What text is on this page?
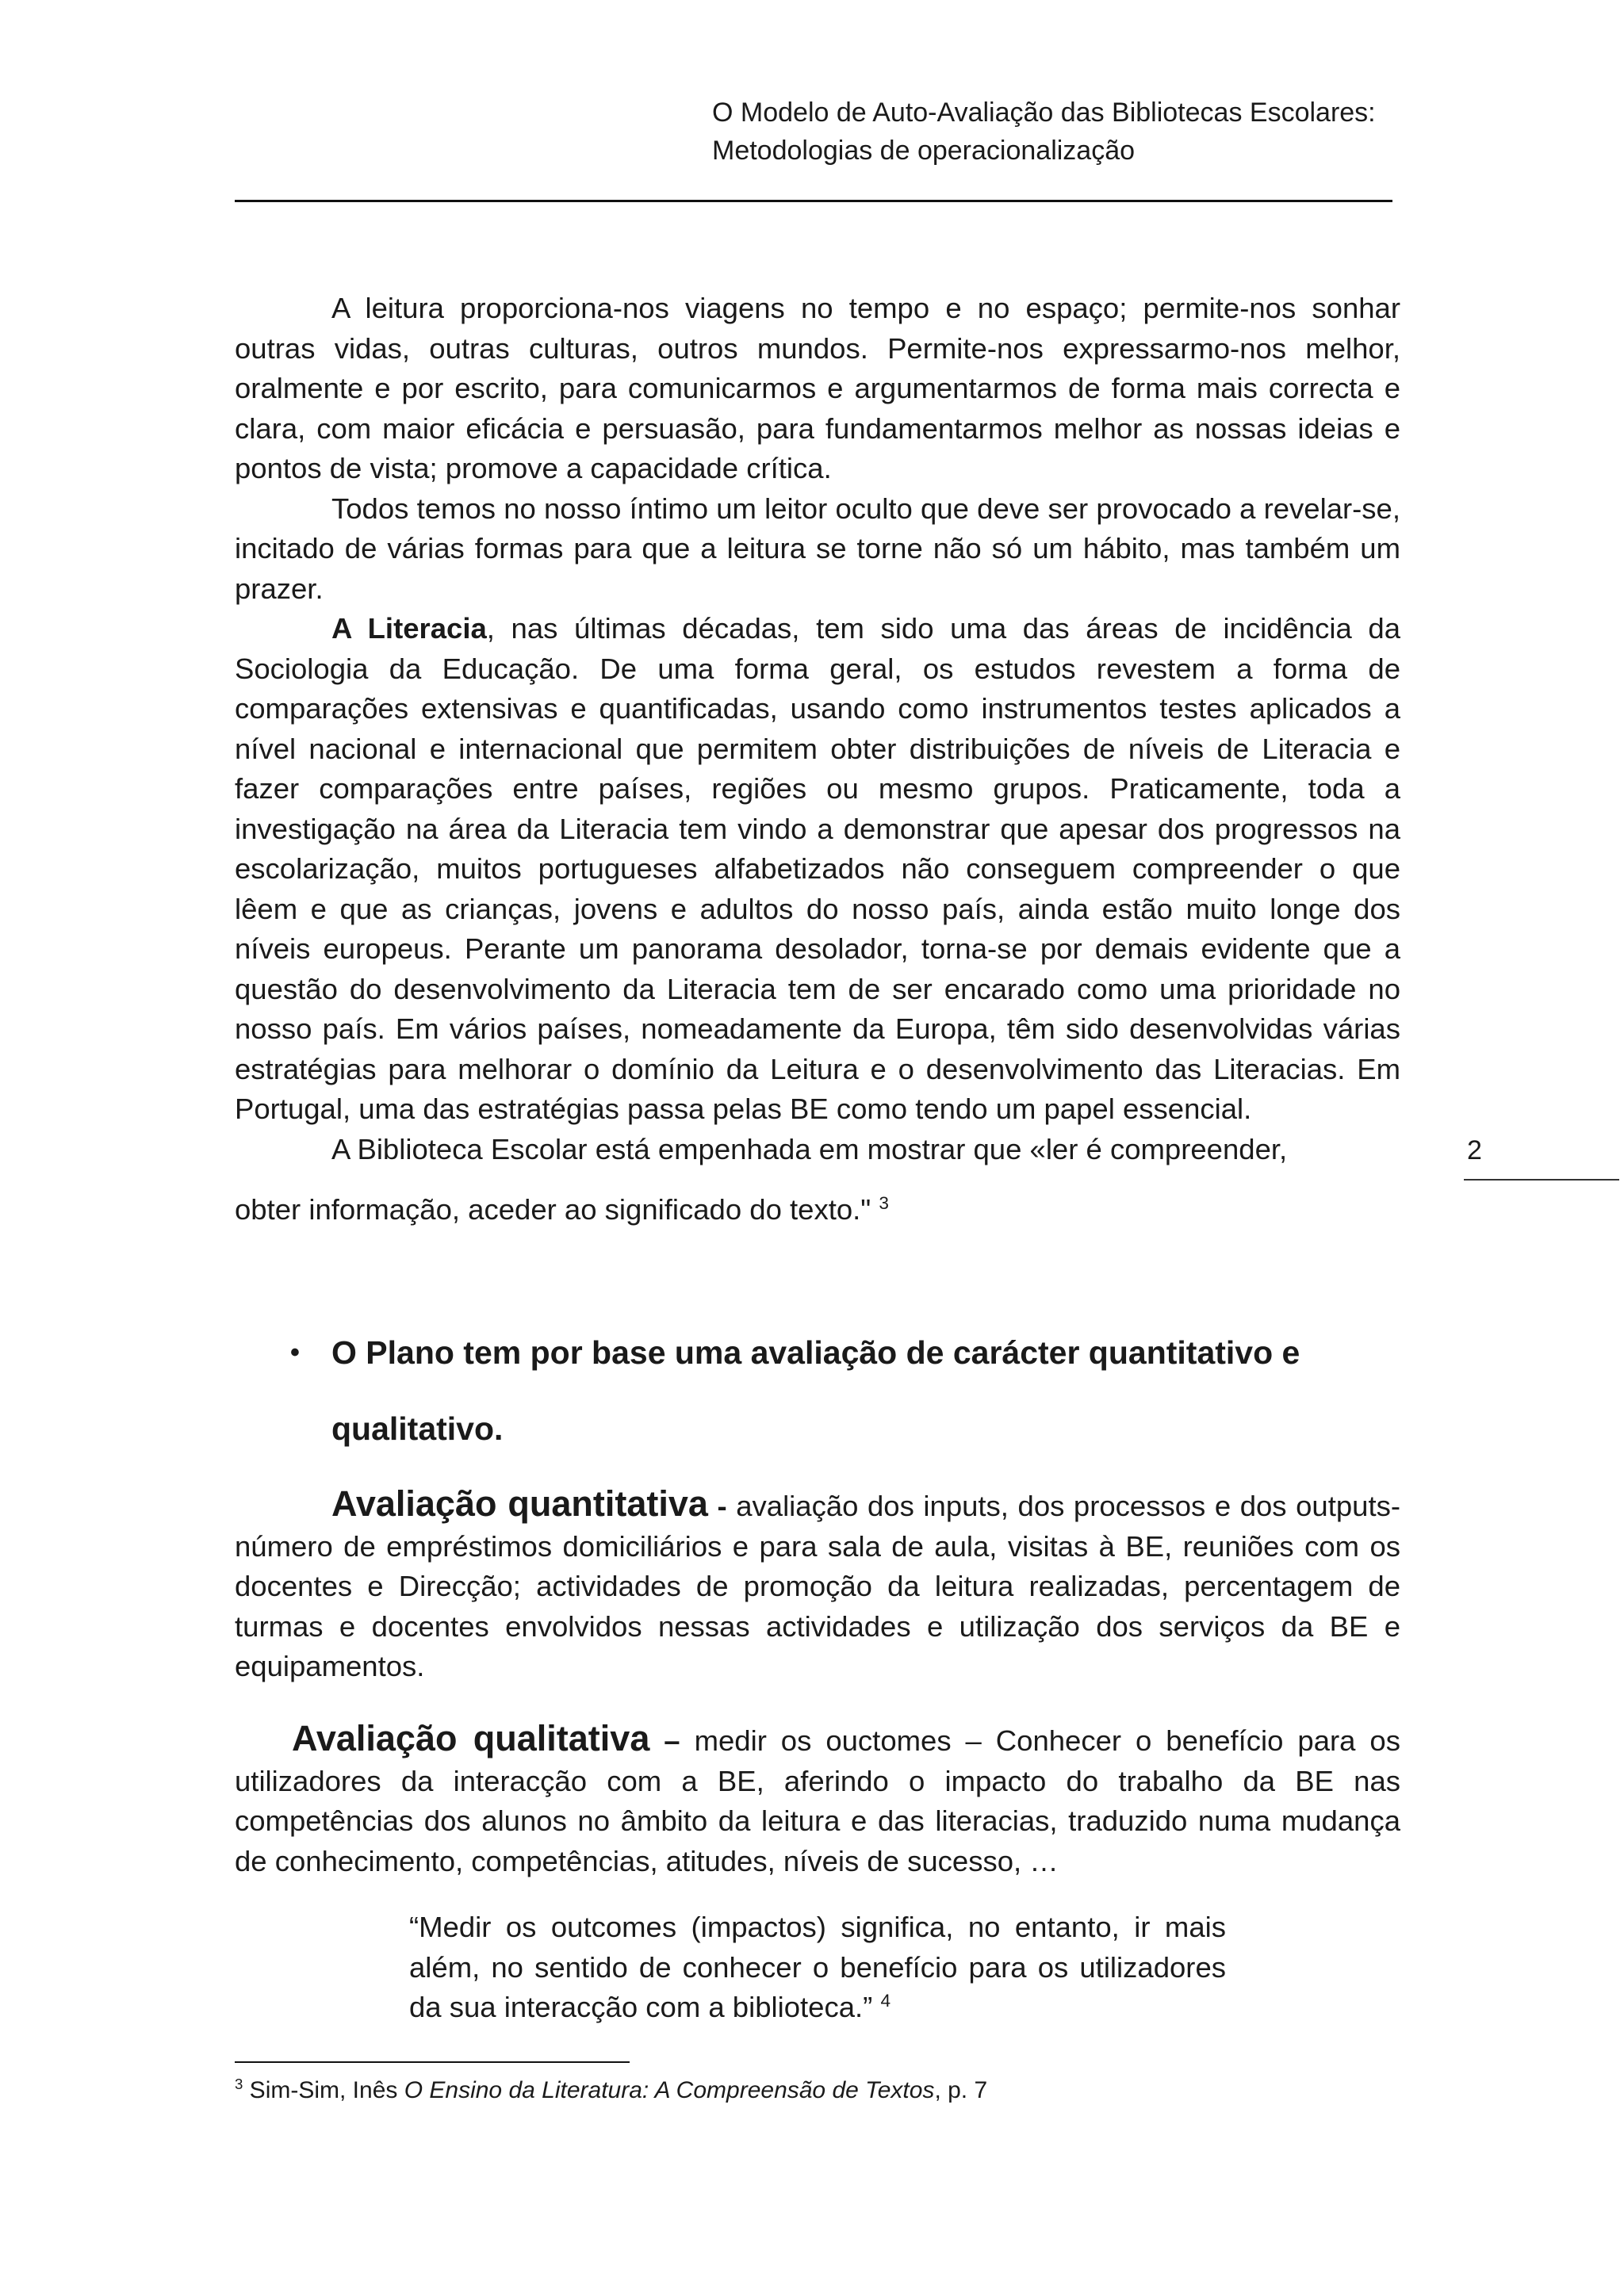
O Modelo de Auto-Avaliação das Bibliotecas Escolares:
Metodologias de operacionalização
2

A leitura proporciona-nos viagens no tempo e no espaço; permite-nos sonhar outras vidas, outras culturas, outros mundos. Permite-nos expressarmo-nos melhor, oralmente e por escrito, para comunicarmos e argumentarmos de forma mais correcta e clara, com maior eficácia e persuasão, para fundamentarmos melhor as nossas ideias e pontos de vista; promove a capacidade crítica.

Todos temos no nosso íntimo um leitor oculto que deve ser provocado a revelar-se, incitado de várias formas para que a leitura se torne não só um hábito, mas também um prazer.

A Literacia, nas últimas décadas, tem sido uma das áreas de incidência da Sociologia da Educação. De uma forma geral, os estudos revestem a forma de comparações extensivas e quantificadas, usando como instrumentos testes aplicados a nível nacional e internacional que permitem obter distribuições de níveis de Literacia e fazer comparações entre países, regiões ou mesmo grupos. Praticamente, toda a investigação na área da Literacia tem vindo a demonstrar que apesar dos progressos na escolarização, muitos portugueses alfabetizados não conseguem compreender o que lêem e que as crianças, jovens e adultos do nosso país, ainda estão muito longe dos níveis europeus. Perante um panorama desolador, torna-se por demais evidente que a questão do desenvolvimento da Literacia tem de ser encarado como uma prioridade no nosso país. Em vários países, nomeadamente da Europa, têm sido desenvolvidas várias estratégias para melhorar o domínio da Leitura e o desenvolvimento das Literacias. Em Portugal, uma das estratégias passa pelas BE como tendo um papel essencial.

A Biblioteca Escolar está empenhada em mostrar que «ler é compreender,

obter informação, aceder ao significado do texto." $^3$

• O Plano tem por base uma avaliação de carácter quantitativo e
qualitativo.

Avaliação quantitativa - avaliação dos inputs, dos processos e dos outputs- número de empréstimos domiciliários e para sala de aula, visitas à BE, reuniões com os docentes e Direcção; actividades de promoção da leitura realizadas, percentagem de turmas e docentes envolvidos nessas actividades e utilização dos serviços da BE e equipamentos.

Avaliação qualitativa – medir os ouctomes – Conhecer o benefício para os utilizadores da interacção com a BE, aferindo o impacto do trabalho da BE nas competências dos alunos no âmbito da leitura e das literacias, traduzido numa mudança de conhecimento, competências, atitudes, níveis de sucesso, …

“Medir os outcomes (impactos) significa, no entanto, ir mais além, no sentido de conhecer o benefício para os utilizadores da sua interacção com a biblioteca.” $^4$
$^3$ Sim-Sim, Inês O Ensino da Literatura: A Compreensão de Textos, p. 7
